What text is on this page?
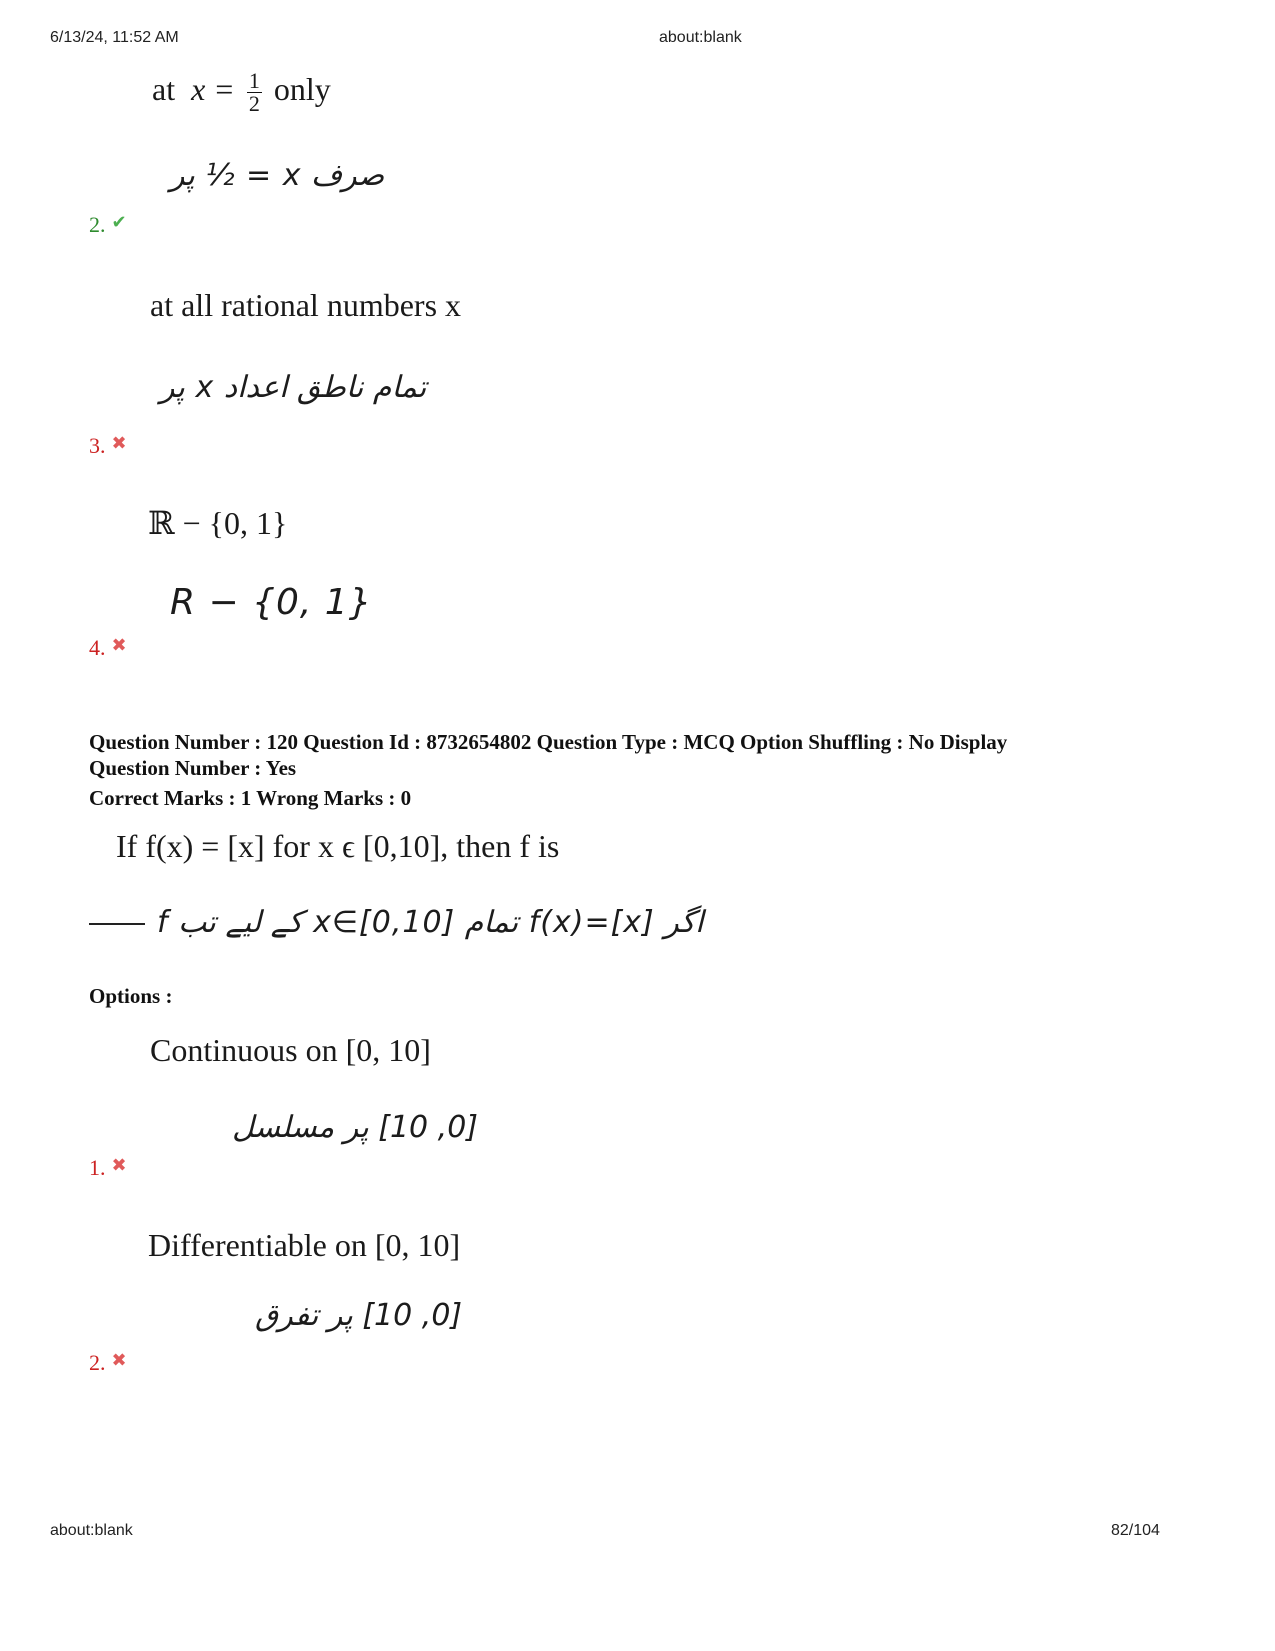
6/13/24, 11:52 AM	about:blank
at $x = \frac{1}{2}$ only
صرف x = ½ پر
2. ✔
at all rational numbers x
تمام ناطق اعداد x پر
3. ✖
ℝ − {0, 1}
R − {0, 1}
4. ✖
Question Number : 120 Question Id : 8732654802 Question Type : MCQ Option Shuffling : No Display
Question Number : Yes
Correct Marks : 1 Wrong Marks : 0
If f(x) = [x] for x ϵ [0,10], then f is
اگر f(x)=[x] تمام x∈[0,10] کے لیے تب f
Options :
Continuous on [0, 10]
[0, 10] پر مسلسل
1. ✖
Differentiable on [0, 10]
[0, 10] پر تفرق
2. ✖
about:blank	82/104
